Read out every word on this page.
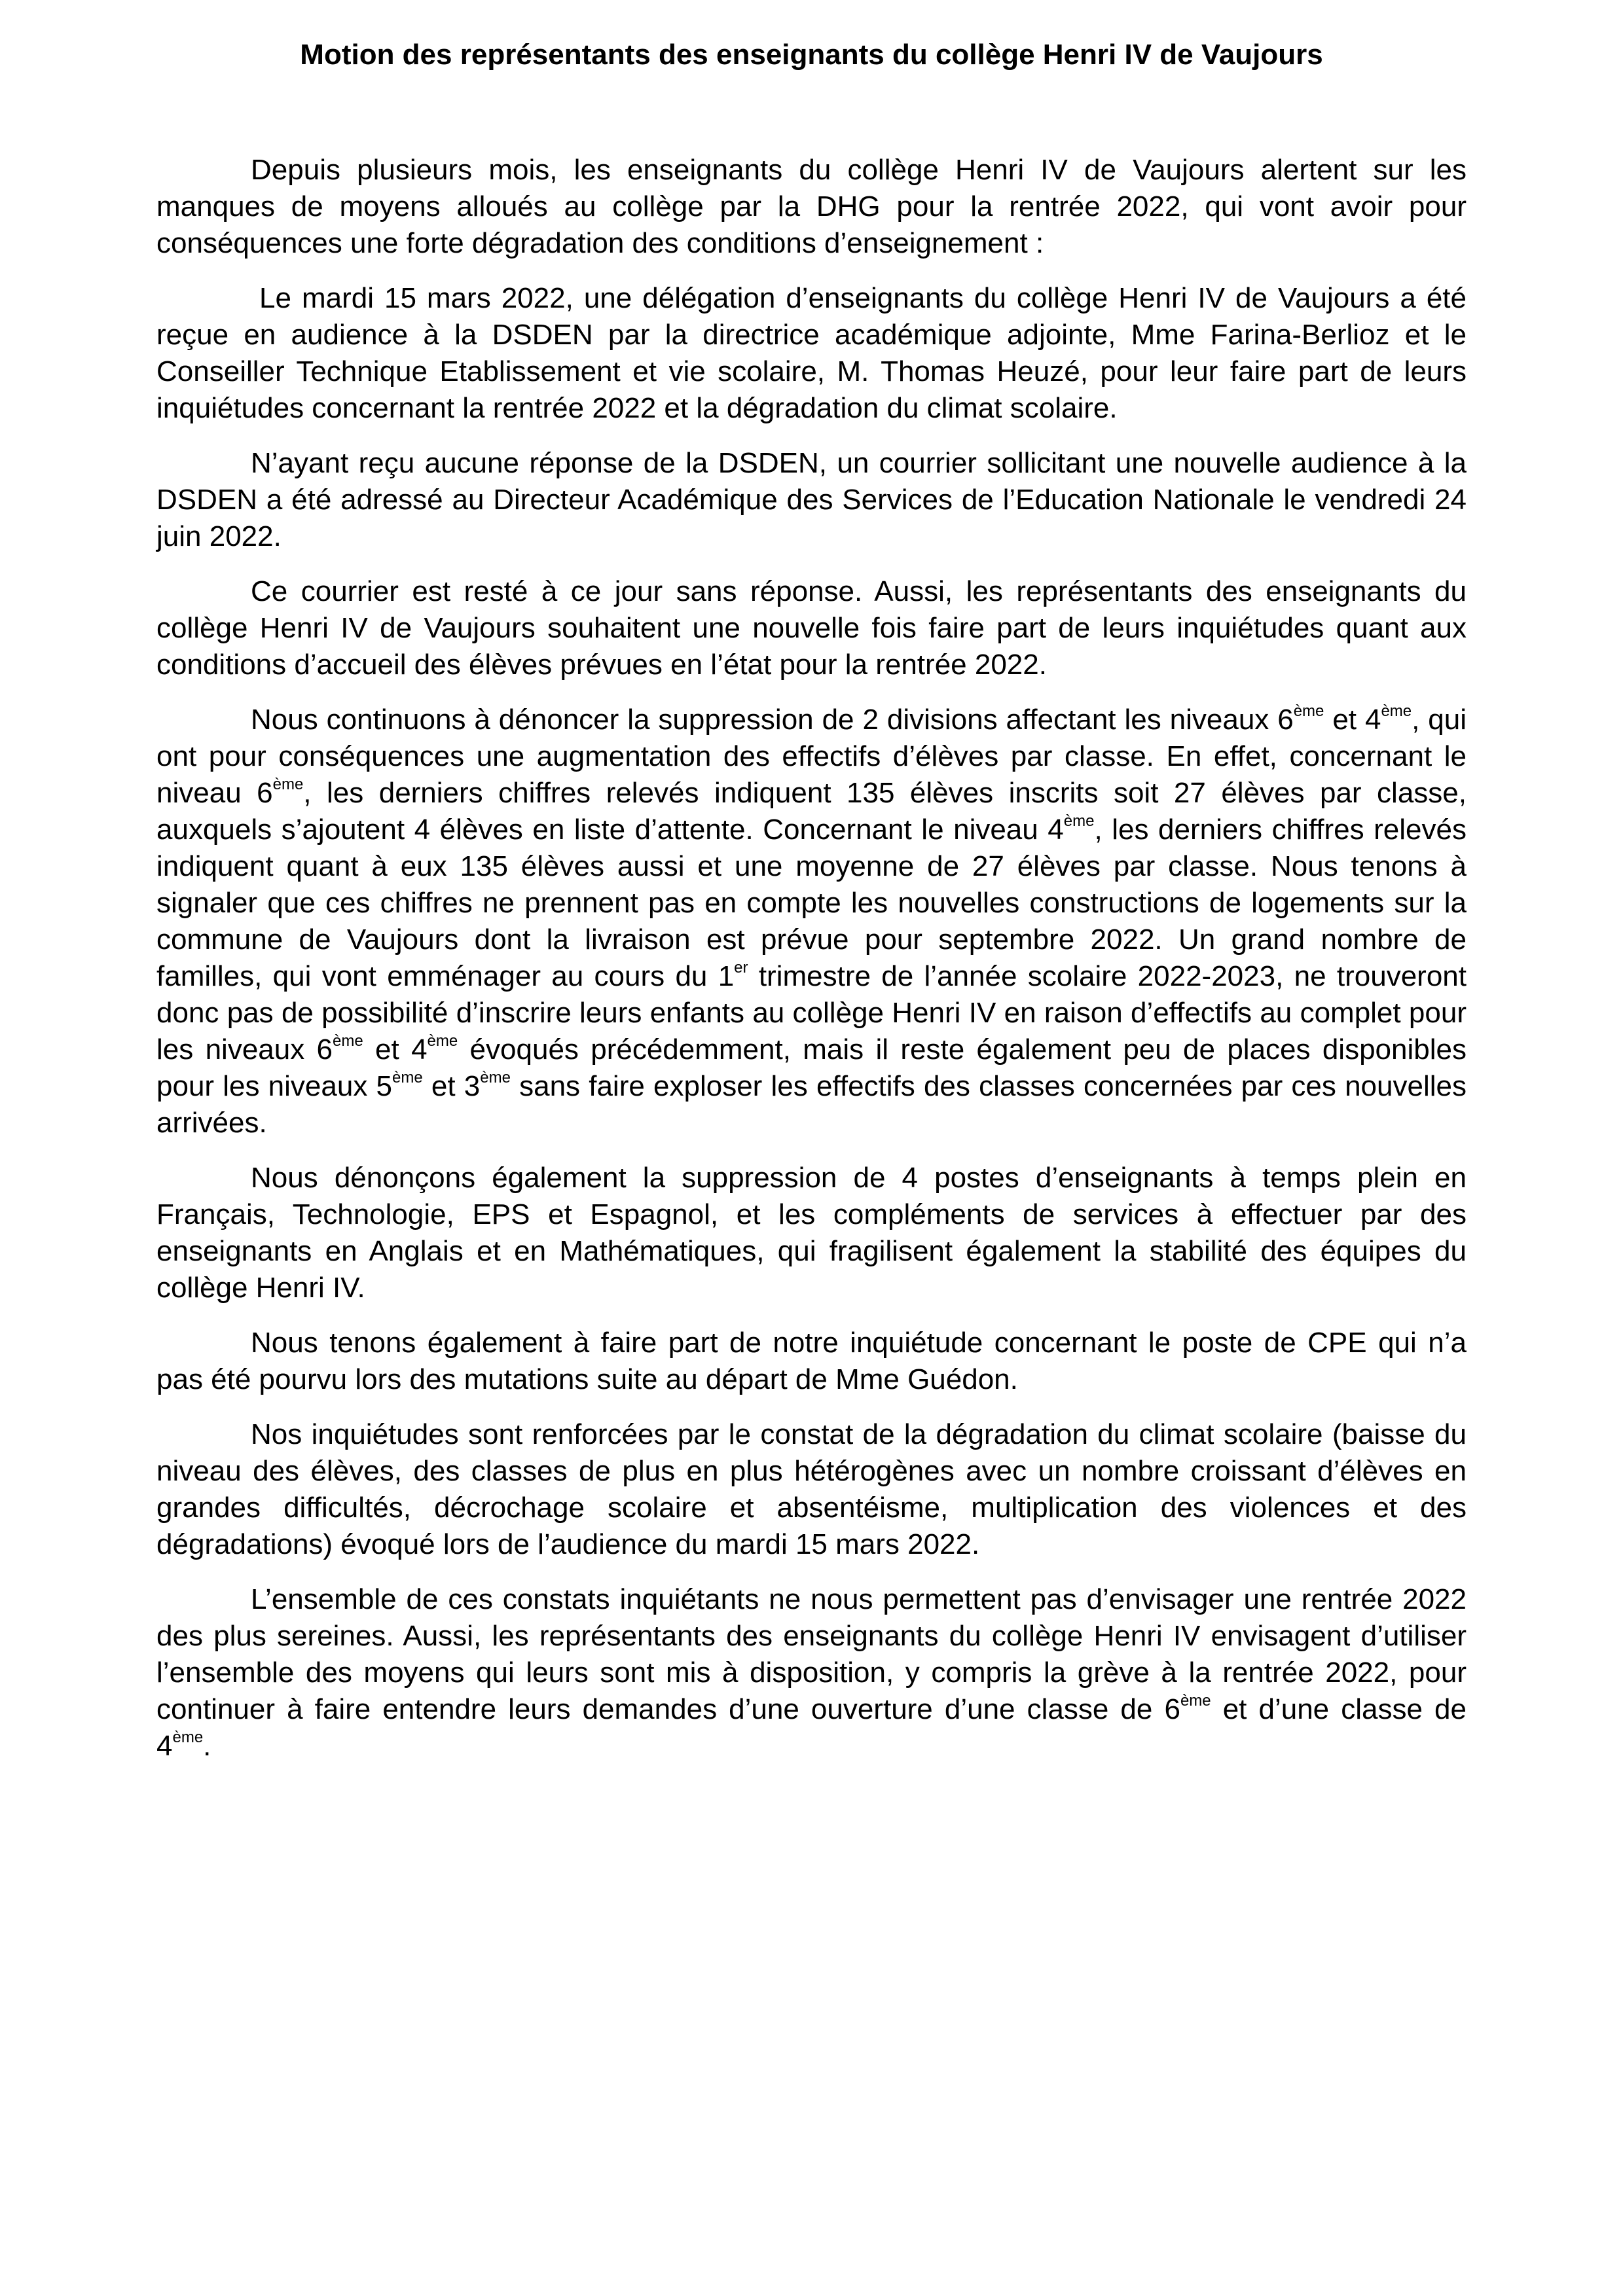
Motion des représentants des enseignants du collège Henri IV de Vaujours

Depuis plusieurs mois, les enseignants du collège Henri IV de Vaujours alertent sur les manques de moyens alloués au collège par la DHG pour la rentrée 2022, qui vont avoir pour conséquences une forte dégradation des conditions d’enseignement :

Le mardi 15 mars 2022, une délégation d’enseignants du collège Henri IV de Vaujours a été reçue en audience à la DSDEN par la directrice académique adjointe, Mme Farina-Berlioz et le Conseiller Technique Etablissement et vie scolaire, M. Thomas Heuzé, pour leur faire part de leurs inquiétudes concernant la rentrée 2022 et la dégradation du climat scolaire.

N’ayant reçu aucune réponse de la DSDEN, un courrier sollicitant une nouvelle audience à la DSDEN a été adressé au Directeur Académique des Services de l’Education Nationale le vendredi 24 juin 2022.

Ce courrier est resté à ce jour sans réponse. Aussi, les représentants des enseignants du collège Henri IV de Vaujours souhaitent une nouvelle fois faire part de leurs inquiétudes quant aux conditions d’accueil des élèves prévues en l’état pour la rentrée 2022.

Nous continuons à dénoncer la suppression de 2 divisions affectant les niveaux 6ème et 4ème, qui ont pour conséquences une augmentation des effectifs d’élèves par classe. En effet, concernant le niveau 6ème, les derniers chiffres relevés indiquent 135 élèves inscrits soit 27 élèves par classe, auxquels s’ajoutent 4 élèves en liste d’attente. Concernant le niveau 4ème, les derniers chiffres relevés indiquent quant à eux 135 élèves aussi et une moyenne de 27 élèves par classe. Nous tenons à signaler que ces chiffres ne prennent pas en compte les nouvelles constructions de logements sur la commune de Vaujours dont la livraison est prévue pour septembre 2022. Un grand nombre de familles, qui vont emménager au cours du 1er trimestre de l’année scolaire 2022-2023, ne trouveront donc pas de possibilité d’inscrire leurs enfants au collège Henri IV en raison d’effectifs au complet pour les niveaux 6ème et 4ème évoqués précédemment, mais il reste également peu de places disponibles pour les niveaux 5ème et 3ème sans faire exploser les effectifs des classes concernées par ces nouvelles arrivées.

Nous dénonçons également la suppression de 4 postes d’enseignants à temps plein en Français, Technologie, EPS et Espagnol, et les compléments de services à effectuer par des enseignants en Anglais et en Mathématiques, qui fragilisent également la stabilité des équipes du collège Henri IV.

Nous tenons également à faire part de notre inquiétude concernant le poste de CPE qui n’a pas été pourvu lors des mutations suite au départ de Mme Guédon.

Nos inquiétudes sont renforcées par le constat de la dégradation du climat scolaire (baisse du niveau des élèves, des classes de plus en plus hétérogènes avec un nombre croissant d’élèves en grandes difficultés, décrochage scolaire et absentéisme, multiplication des violences et des dégradations) évoqué lors de l’audience du mardi 15 mars 2022.

L’ensemble de ces constats inquiétants ne nous permettent pas d’envisager une rentrée 2022 des plus sereines. Aussi, les représentants des enseignants du collège Henri IV envisagent d’utiliser l’ensemble des moyens qui leurs sont mis à disposition, y compris la grève à la rentrée 2022, pour continuer à faire entendre leurs demandes d’une ouverture d’une classe de 6ème et d’une classe de 4ème.
